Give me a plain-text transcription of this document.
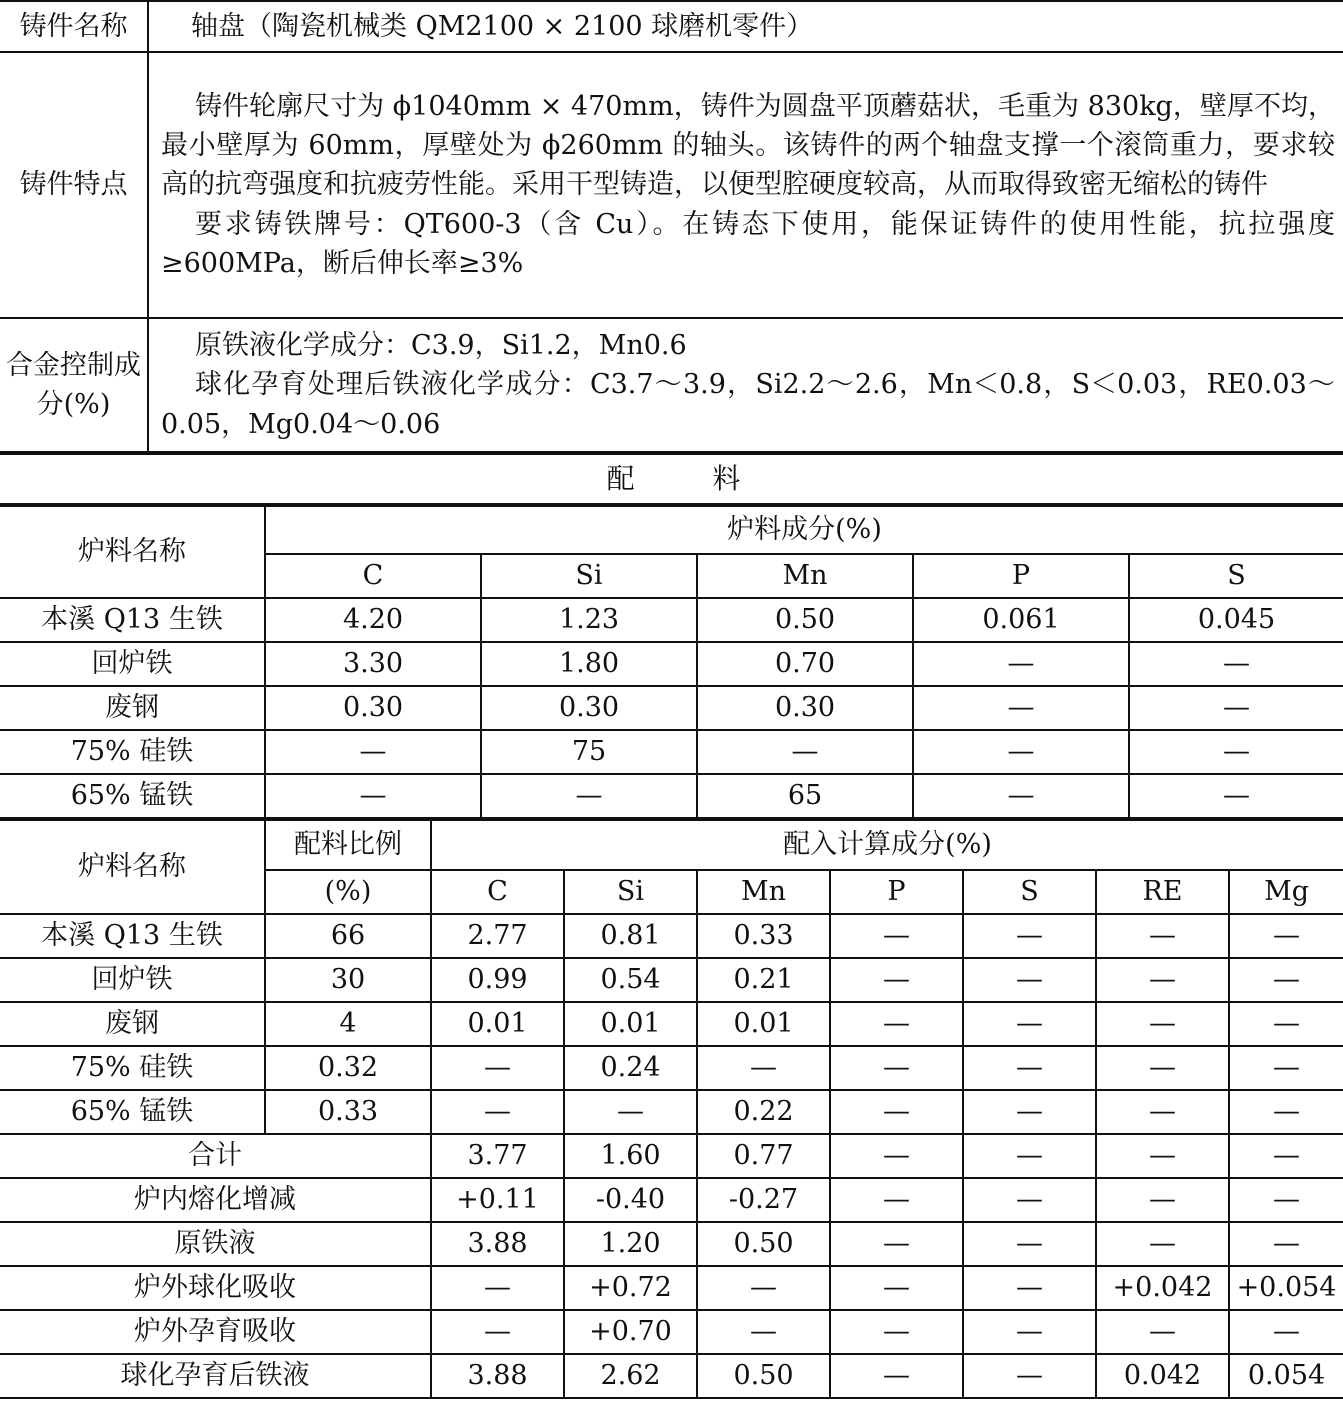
铸件名称	轴盘（陶瓷机械类 QM2100 × 2100 球磨机零件）

铸件特点	铸件轮廓尺寸为 ϕ1040mm × 470mm，铸件为圆盘平顶蘑菇状，毛重为 830kg，壁厚不均，最小壁厚为 60mm，厚壁处为 ϕ260mm 的轴头。该铸件的两个轴盘支撑一个滚筒重力，要求较高的抗弯强度和抗疲劳性能。采用干型铸造，以便型腔硬度较高，从而取得致密无缩松的铸件
要求铸铁牌号：QT600-3（含 Cu）。在铸态下使用，能保证铸件的使用性能，抗拉强度≥600MPa，断后伸长率≥3%

合金控制成分(%)	原铁液化学成分：C3.9，Si1.2，Mn0.6
球化孕育处理后铁液化学成分：C3.7～3.9，Si2.2～2.6，Mn＜0.8，S＜0.03，RE0.03～0.05，Mg0.04～0.06
配	料
炉料名称	炉料成分(%)				
	C	Si	Mn	P	S
本溪 Q13 生铁	4.20	1.23	0.50	0.061	0.045
回炉铁	3.30	1.80	0.70	—	—
废钢	0.30	0.30	0.30	—	—
75% 硅铁	—	75	—	—	—
65% 锰铁	—	—	65	—	—
炉料名称	配料比例	配入计算成分(%)						
	(%)	C	Si	Mn	P	S	RE	Mg
本溪 Q13 生铁	66	2.77	0.81	0.33	—	—	—	—
回炉铁	30	0.99	0.54	0.21	—	—	—	—
废钢	4	0.01	0.01	0.01	—	—	—	—
75% 硅铁	0.32	—	0.24	—	—	—	—	—
65% 锰铁	0.33	—	—	0.22	—	—	—	—
合计		3.77	1.60	0.77	—	—	—	—
炉内熔化增减		+0.11	-0.40	-0.27	—	—	—	—
原铁液		3.88	1.20	0.50	—	—	—	—
炉外球化吸收		—	+0.72	—	—	—	+0.042	+0.054
炉外孕育吸收		—	+0.70	—	—	—	—	—
球化孕育后铁液		3.88	2.62	0.50	—	—	0.042	0.054
